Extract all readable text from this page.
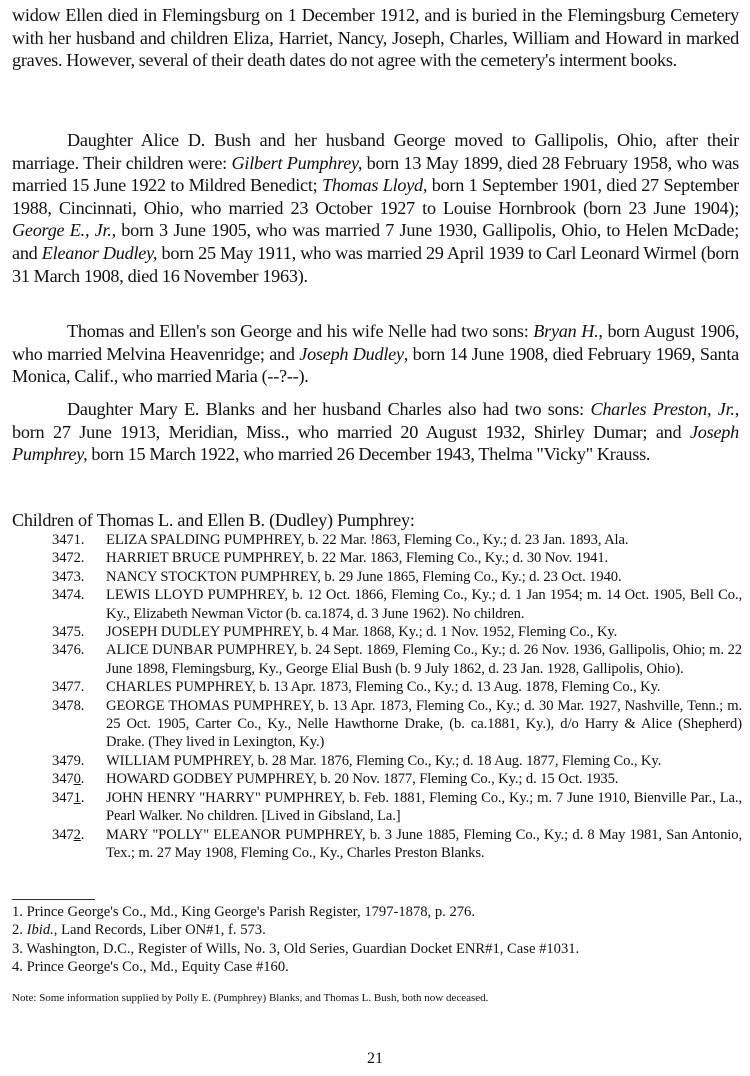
widow Ellen died in Flemingsburg on 1 December 1912, and is buried in the Flemingsburg Cemetery with her husband and children Eliza, Harriet, Nancy, Joseph, Charles, William and Howard in marked graves. However, several of their death dates do not agree with the cemetery's interment books.

Daughter Alice D. Bush and her husband George moved to Gallipolis, Ohio, after their marriage. Their children were: Gilbert Pumphrey, born 13 May 1899, died 28 February 1958, who was married 15 June 1922 to Mildred Benedict; Thomas Lloyd, born 1 September 1901, died 27 September 1988, Cincinnati, Ohio, who married 23 October 1927 to Louise Hornbrook (born 23 June 1904); George E., Jr., born 3 June 1905, who was married 7 June 1930, Gallipolis, Ohio, to Helen McDade; and Eleanor Dudley, born 25 May 1911, who was married 29 April 1939 to Carl Leonard Wirmel (born 31 March 1908, died 16 November 1963).

Thomas and Ellen's son George and his wife Nelle had two sons: Bryan H., born August 1906, who married Melvina Heavenridge; and Joseph Dudley, born 14 June 1908, died February 1969, Santa Monica, Calif., who married Maria (--?--).

Daughter Mary E. Blanks and her husband Charles also had two sons: Charles Preston, Jr., born 27 June 1913, Meridian, Miss., who married 20 August 1932, Shirley Dumar; and Joseph Pumphrey, born 15 March 1922, who married 26 December 1943, Thelma "Vicky" Krauss.

Children of Thomas L. and Ellen B. (Dudley) Pumphrey:

3471.	ELIZA SPALDING PUMPHREY, b. 22 Mar. !863, Fleming Co., Ky.; d. 23 Jan. 1893, Ala.
3472.	HARRIET BRUCE PUMPHREY, b. 22 Mar. 1863, Fleming Co., Ky.; d. 30 Nov. 1941.
3473.	NANCY STOCKTON PUMPHREY, b. 29 June 1865, Fleming Co., Ky.; d. 23 Oct. 1940.
3474.	LEWIS LLOYD PUMPHREY, b. 12 Oct. 1866, Fleming Co., Ky.; d. 1 Jan 1954; m. 14 Oct. 1905, Bell Co., Ky., Elizabeth Newman Victor (b. ca.1874, d. 3 June 1962). No children.
3475.	JOSEPH DUDLEY PUMPHREY, b. 4 Mar. 1868, Ky.; d. 1 Nov. 1952, Fleming Co., Ky.
3476.	ALICE DUNBAR PUMPHREY, b. 24 Sept. 1869, Fleming Co., Ky.; d. 26 Nov. 1936, Gallipolis, Ohio; m. 22 June 1898, Flemingsburg, Ky., George Elial Bush (b. 9 July 1862, d. 23 Jan. 1928, Gallipolis, Ohio).
3477.	CHARLES PUMPHREY, b. 13 Apr. 1873, Fleming Co., Ky.; d. 13 Aug. 1878, Fleming Co., Ky.
3478.	GEORGE THOMAS PUMPHREY, b. 13 Apr. 1873, Fleming Co., Ky.; d. 30 Mar. 1927, Nashville, Tenn.; m. 25 Oct. 1905, Carter Co., Ky., Nelle Hawthorne Drake, (b. ca.1881, Ky.), d/o Harry & Alice (Shepherd) Drake. (They lived in Lexington, Ky.)
3479.	WILLIAM PUMPHREY, b. 28 Mar. 1876, Fleming Co., Ky.; d. 18 Aug. 1877, Fleming Co., Ky.
3470.	HOWARD GODBEY PUMPHREY, b. 20 Nov. 1877, Fleming Co., Ky.; d. 15 Oct. 1935.
3471.	JOHN HENRY "HARRY" PUMPHREY, b. Feb. 1881, Fleming Co., Ky.; m. 7 June 1910, Bienville Par., La., Pearl Walker. No children. [Lived in Gibsland, La.]
3472.	MARY "POLLY" ELEANOR PUMPHREY, b. 3 June 1885, Fleming Co., Ky.; d. 8 May 1981, San Antonio, Tex.; m. 27 May 1908, Fleming Co., Ky., Charles Preston Blanks.
1. Prince George's Co., Md., King George's Parish Register, 1797-1878, p. 276.
2. Ibid., Land Records, Liber ON#1, f. 573.
3. Washington, D.C., Register of Wills, No. 3, Old Series, Guardian Docket ENR#1, Case #1031.
4. Prince George's Co., Md., Equity Case #160.

Note: Some information supplied by Polly E. (Pumphrey) Blanks, and Thomas L. Bush, both now deceased.

21
